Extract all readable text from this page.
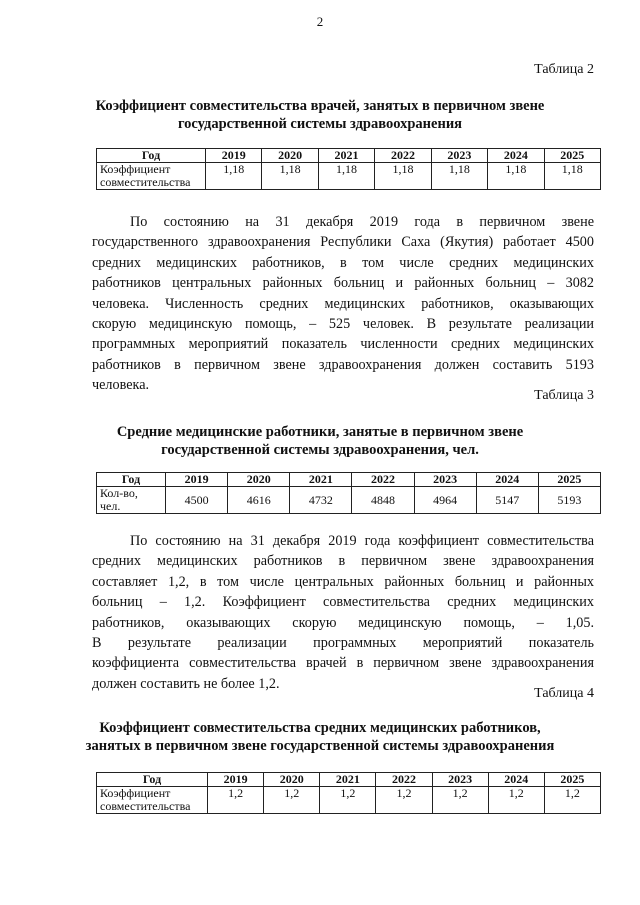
2
Таблица 2
Коэффициент совместительства врачей, занятых в первичном звене
государственной системы здравоохранения
Год	2019	2020	2021	2022	2023	2024	2025

Коэффициент
совместительства	1,18	1,18	1,18	1,18	1,18	1,18	1,18

По состоянию на 31 декабря 2019 года в первичном звене
государственного здравоохранения Республики Саха (Якутия) работает 4500
средних медицинских работников, в том числе средних медицинских
работников центральных районных больниц и районных больниц – 3082
человека. Численность средних медицинских работников, оказывающих
скорую медицинскую помощь, – 525 человек. В результате реализации
программных мероприятий показатель численности средних медицинских
работников в первичном звене здравоохранения должен составить 5193
человека.

Таблица 3
Средние медицинские работники, занятые в первичном звене
государственной системы здравоохранения, чел.
Год	2019	2020	2021	2022	2023	2024	2025

Кол-во,
чел.	4500	4616	4732	4848	4964	5147	5193

По состоянию на 31 декабря 2019 года коэффициент совместительства
средних медицинских работников в первичном звене здравоохранения
составляет 1,2, в том числе центральных районных больниц и районных
больниц – 1,2. Коэффициент совместительства средних медицинских
работников, оказывающих скорую медицинскую помощь, – 1,05.
В результате реализации программных мероприятий показатель
коэффициента совместительства врачей в первичном звене здравоохранения
должен составить не более 1,2.

Таблица 4
Коэффициент совместительства средних медицинских работников,
занятых в первичном звене государственной системы здравоохранения
Год	2019	2020	2021	2022	2023	2024	2025

Коэффициент
совместительства	1,2	1,2	1,2	1,2	1,2	1,2	1,2
